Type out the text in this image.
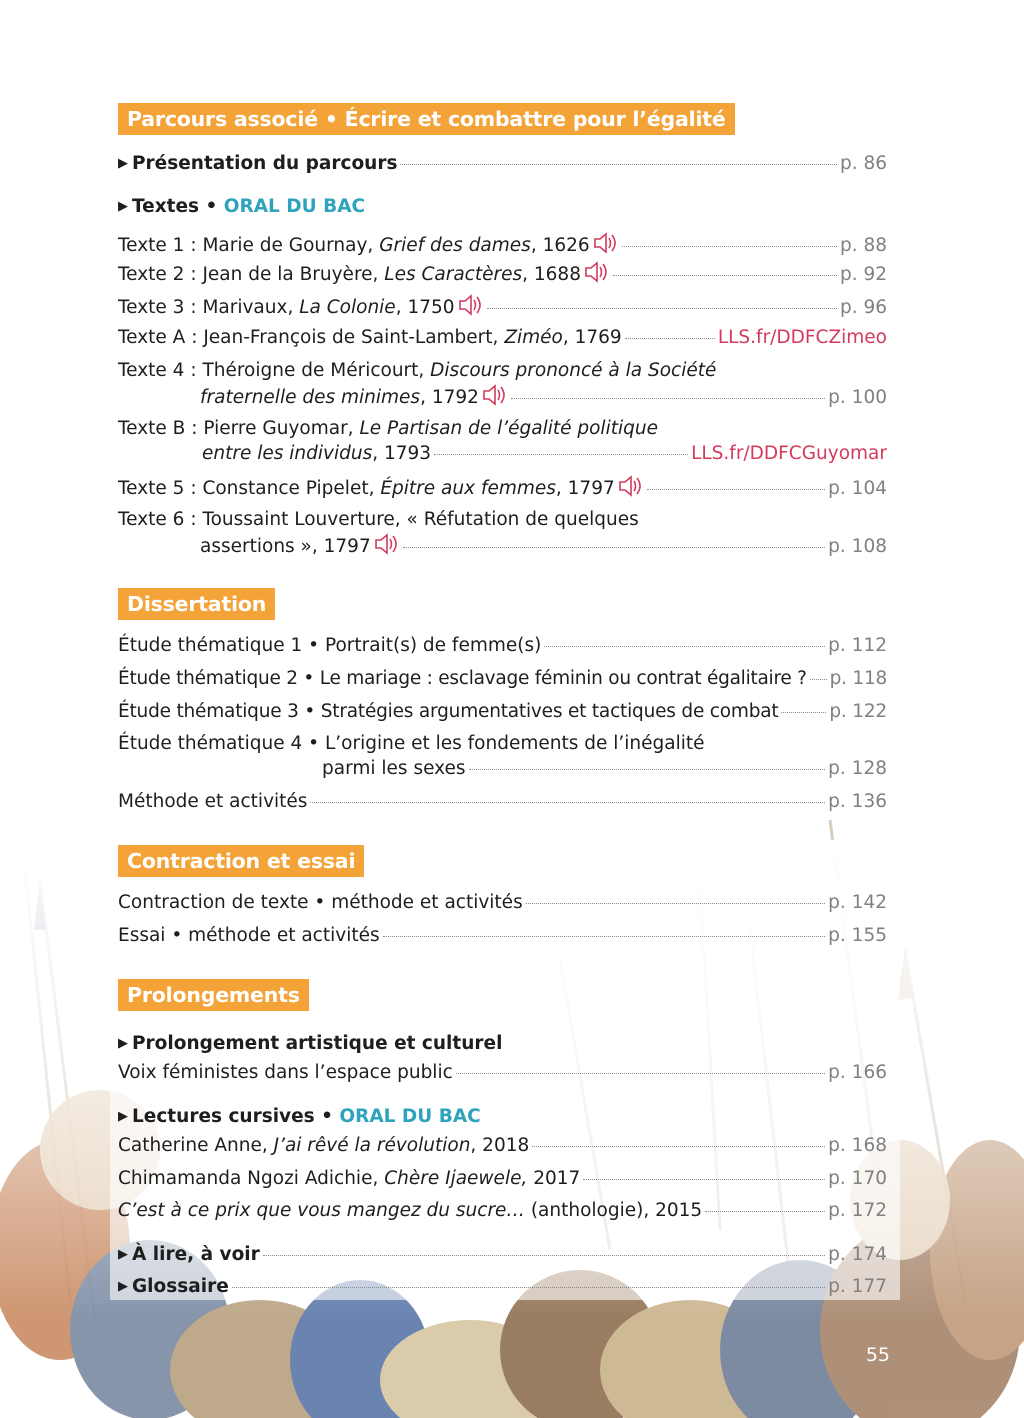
Parcours associé • Écrire et combattre pour l’égalité
▶ Présentation du parcours	p. 86
▶ Textes • ORAL DU BAC
Texte 1 : Marie de Gournay, Grief des dames, 1626	p. 88
Texte 2 : Jean de la Bruyère, Les Caractères, 1688	p. 92
Texte 3 : Marivaux, La Colonie, 1750	p. 96
Texte A : Jean-François de Saint-Lambert, Ziméo, 1769	LLS.fr/DDFCZimeo
Texte 4 : Théroigne de Méricourt, Discours prononcé à la Société
fraternelle des minimes, 1792	p. 100
Texte B : Pierre Guyomar, Le Partisan de l’égalité politique
entre les individus, 1793	LLS.fr/DDFCGuyomar
Texte 5 : Constance Pipelet, Épitre aux femmes, 1797	p. 104
Texte 6 : Toussaint Louverture, « Réfutation de quelques
assertions », 1797	p. 108
Dissertation
Étude thématique 1 • Portrait(s) de femme(s)	p. 112
Étude thématique 2 • Le mariage : esclavage féminin ou contrat égalitaire ? p. 118
Étude thématique 3 • Stratégies argumentatives et tactiques de combat	p. 122
Étude thématique 4 • L’origine et les fondements de l’inégalité
parmi les sexes	p. 128
Méthode et activités	p. 136
Contraction et essai
Contraction de texte • méthode et activités	p. 142
Essai • méthode et activités	p. 155
Prolongements
▶ Prolongement artistique et culturel
Voix féministes dans l’espace public	p. 166
▶ Lectures cursives • ORAL DU BAC
Catherine Anne, J’ai rêvé la révolution, 2018	p. 168
Chimamanda Ngozi Adichie, Chère Ijaewele, 2017	p. 170
C’est à ce prix que vous mangez du sucre… (anthologie), 2015	p. 172
▶ À lire, à voir	p. 174
▶ Glossaire	p. 177
55
